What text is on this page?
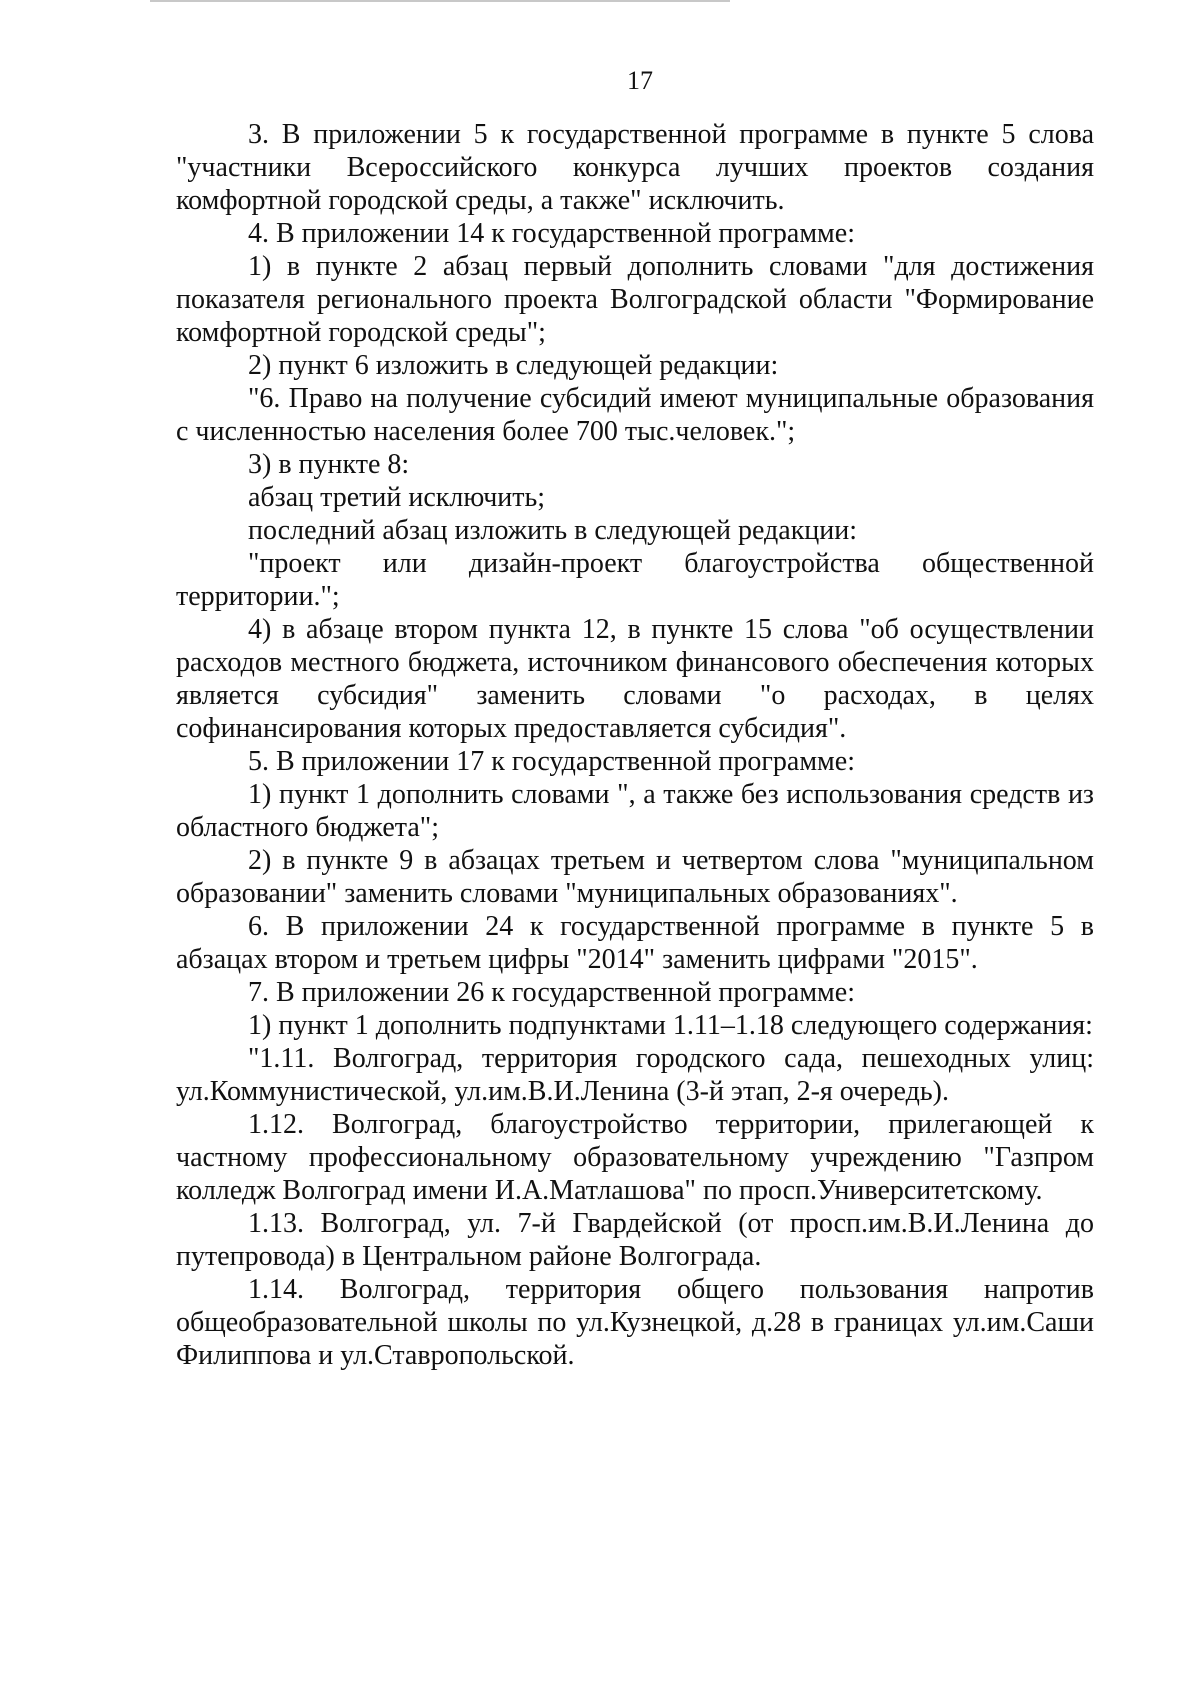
17

3. В приложении 5 к государственной программе в пункте 5 слова "участники Всероссийского конкурса лучших проектов создания комфортной городской среды, а также" исключить.

4. В приложении 14 к государственной программе:

1) в пункте 2 абзац первый дополнить словами "для достижения показателя регионального проекта Волгоградской области "Формирование комфортной городской среды";

2) пункт 6 изложить в следующей редакции:

"6. Право на получение субсидий имеют муниципальные образования с численностью населения более 700 тыс.человек.";

3) в пункте 8:

абзац третий исключить;

последний абзац изложить в следующей редакции:

"проект или дизайн-проект благоустройства общественной территории.";

4) в абзаце втором пункта 12, в пункте 15 слова "об осуществлении расходов местного бюджета, источником финансового обеспечения которых является субсидия" заменить словами "о расходах, в целях софинансирования которых предоставляется субсидия".

5. В приложении 17 к государственной программе:

1) пункт 1 дополнить словами ", а также без использования средств из областного бюджета";

2) в пункте 9 в абзацах третьем и четвертом слова "муниципальном образовании" заменить словами "муниципальных образованиях".

6. В приложении 24 к государственной программе в пункте 5 в абзацах втором и третьем цифры "2014" заменить цифрами "2015".

7. В приложении 26 к государственной программе:

1) пункт 1 дополнить подпунктами 1.11–1.18 следующего содержания:

"1.11. Волгоград, территория городского сада, пешеходных улиц: ул.Коммунистической, ул.им.В.И.Ленина (3-й этап, 2-я очередь).

1.12. Волгоград, благоустройство территории, прилегающей к частному профессиональному образовательному учреждению "Газпром колледж Волгоград имени И.А.Матлашова" по просп.Университетскому.

1.13. Волгоград, ул. 7-й Гвардейской (от просп.им.В.И.Ленина до путепровода) в Центральном районе Волгограда.

1.14. Волгоград, территория общего пользования напротив общеобразовательной школы по ул.Кузнецкой, д.28 в границах ул.им.Саши Филиппова и ул.Ставропольской.
